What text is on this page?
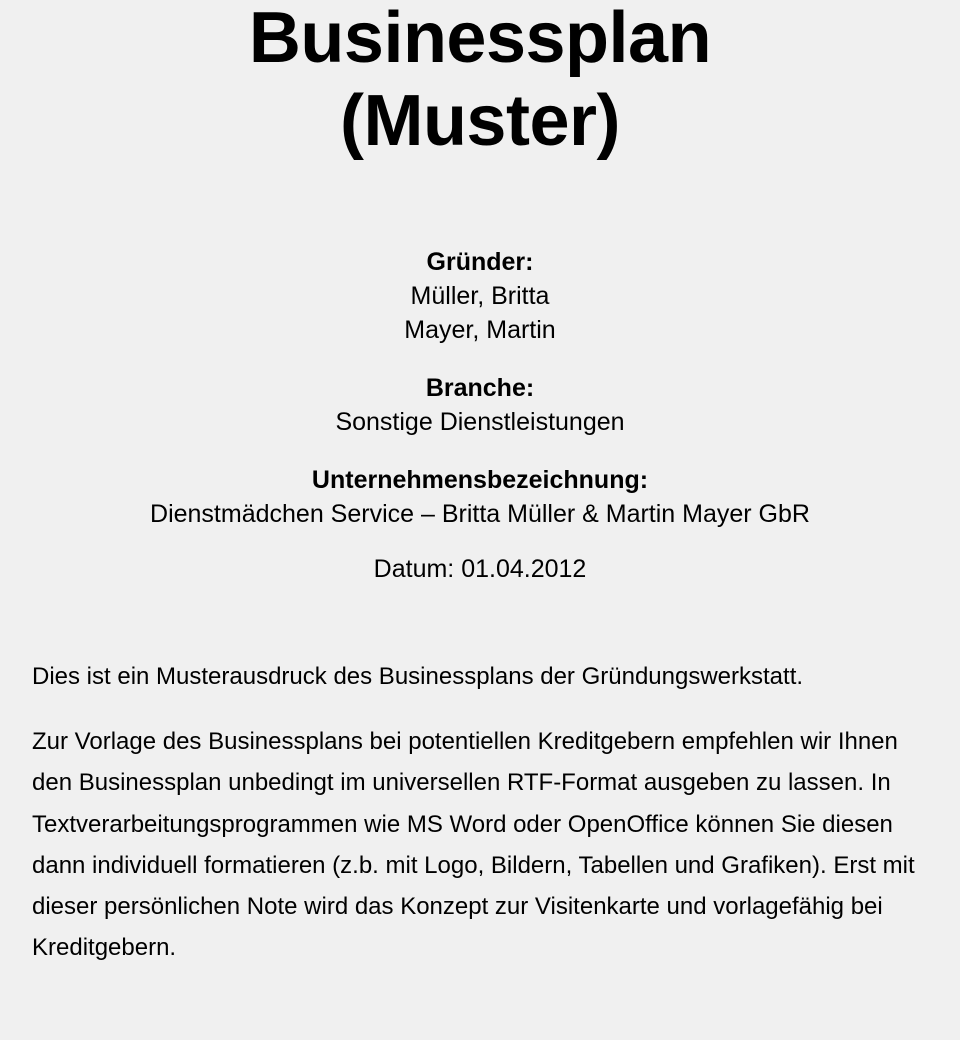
Businessplan
(Muster)
Gründer:
Müller, Britta
Mayer, Martin
Branche:
Sonstige Dienstleistungen
Unternehmensbezeichnung:
Dienstmädchen Service – Britta Müller & Martin Mayer GbR
Datum: 01.04.2012

Dies ist ein Musterausdruck des Businessplans der Gründungswerkstatt.

Zur Vorlage des Businessplans bei potentiellen Kreditgebern empfehlen wir Ihnen den Businessplan unbedingt im universellen RTF-Format ausgeben zu lassen. In Textverarbeitungsprogrammen wie MS Word oder OpenOffice können Sie diesen dann individuell formatieren (z.b. mit Logo, Bildern, Tabellen und Grafiken). Erst mit dieser persönlichen Note wird das Konzept zur Visitenkarte und vorlagefähig bei Kreditgebern.
